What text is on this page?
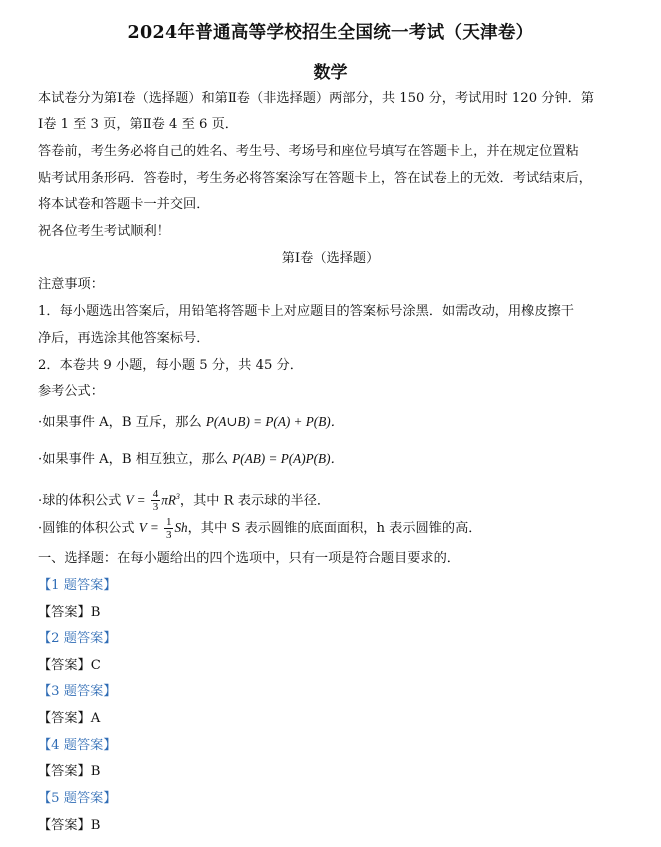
2024年普通高等学校招生全国统一考试（天津卷）
数学
本试卷分为第Ⅰ卷（选择题）和第Ⅱ卷（非选择题）两部分，共 150 分，考试用时 120 分钟．第
Ⅰ卷 1 至 3 页，第Ⅱ卷 4 至 6 页．
答卷前，考生务必将自己的姓名、考生号、考场号和座位号填写在答题卡上，并在规定位置粘
贴考试用条形码．答卷时，考生务必将答案涂写在答题卡上，答在试卷上的无效．考试结束后，
将本试卷和答题卡一并交回．
祝各位考生考试顺利！
第Ⅰ卷（选择题）
注意事项：
1．每小题选出答案后，用铅笔将答题卡上对应题目的答案标号涂黑．如需改动，用橡皮擦干
净后，再选涂其他答案标号．
2．本卷共 9 小题，每小题 5 分，共 45 分．
参考公式：
·如果事件 A，B 互斥，那么 P(A∪B) = P(A) + P(B)．
·如果事件 A，B 相互独立，那么 P(AB) = P(A)P(B)．
·球的体积公式 $V = \frac{4}{3} \pi R^3$，其中 R 表示球的半径．
·圆锥的体积公式 $V = \frac{1}{3}$ Sh，其中 S 表示圆锥的底面面积，h 表示圆锥的高．
一、选择题：在每小题给出的四个选项中，只有一项是符合题目要求的．
【1 题答案】
【答案】B
【2 题答案】
【答案】C
【3 题答案】
【答案】A
【4 题答案】
【答案】B
【5 题答案】
【答案】B
